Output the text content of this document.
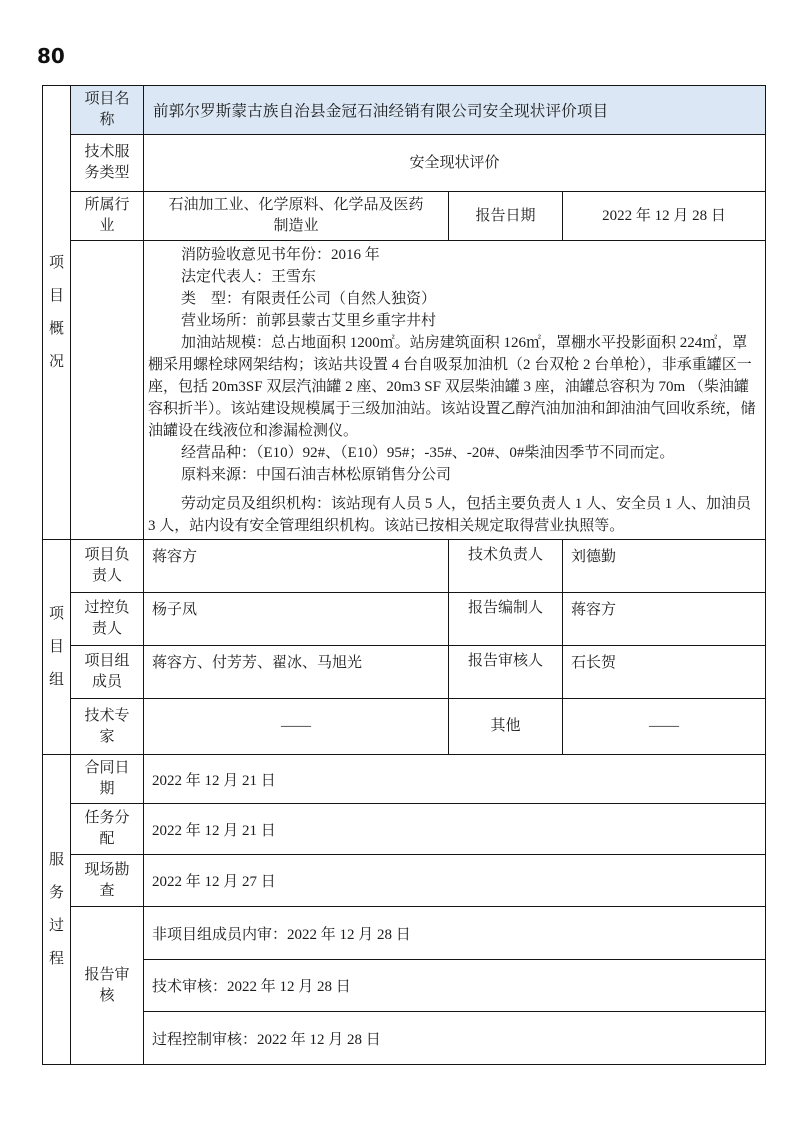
80
项目概况	项目名称	前郭尔罗斯蒙古族自治县金冠石油经销有限公司安全现状评价项目		
	技术服务类型	安全现状评价		
	所属行业	石油加工业、化学原料、化学品及医药制造业	报告日期	2022 年 12 月 28 日

消防验收意见书年份：2016 年

法定代表人：王雪东

类　型：有限责任公司（自然人独资）

营业场所：前郭县蒙古艾里乡重字井村

加油站规模：总占地面积 1200㎡。站房建筑面积 126㎡，罩棚水平投影面积 224㎡，罩棚采用螺栓球网架结构；该站共设置 4 台自吸泵加油机（2 台双枪 2 台单枪），非承重罐区一座，包括 20m3SF 双层汽油罐 2 座、20m3 SF 双层柴油罐 3 座，油罐总容积为 70m （柴油罐容积折半）。该站建设规模属于三级加油站。该站设置乙醇汽油加油和卸油油气回收系统，储油罐设在线液位和渗漏检测仪。

经营品种：（E10）92#、（E10）95#；-35#、-20#、0#柴油因季节不同而定。

原料来源：中国石油吉林松原销售分公司

劳动定员及组织机构：该站现有人员 5 人，包括主要负责人 1 人、安全员 1 人、加油员 3 人，站内设有安全管理组织机构。该站已按相关规定取得营业执照等。

项目组	项目负责人	蒋容方	技术负责人	刘德勤
	过控负责人	杨子凤	报告编制人	蒋容方
	项目组成员	蒋容方、付芳芳、翟冰、马旭光	报告审核人	石长贺
	技术专家	——	其他	——

服务过程	合同日期	2022 年 12 月 21 日		
	任务分配	2022 年 12 月 21 日		
	现场勘查	2022 年 12 月 27 日		
	报告审核	非项目组成员内审：2022 年 12 月 28 日		
		技术审核：2022 年 12 月 28 日		
		过程控制审核：2022 年 12 月 28 日		
